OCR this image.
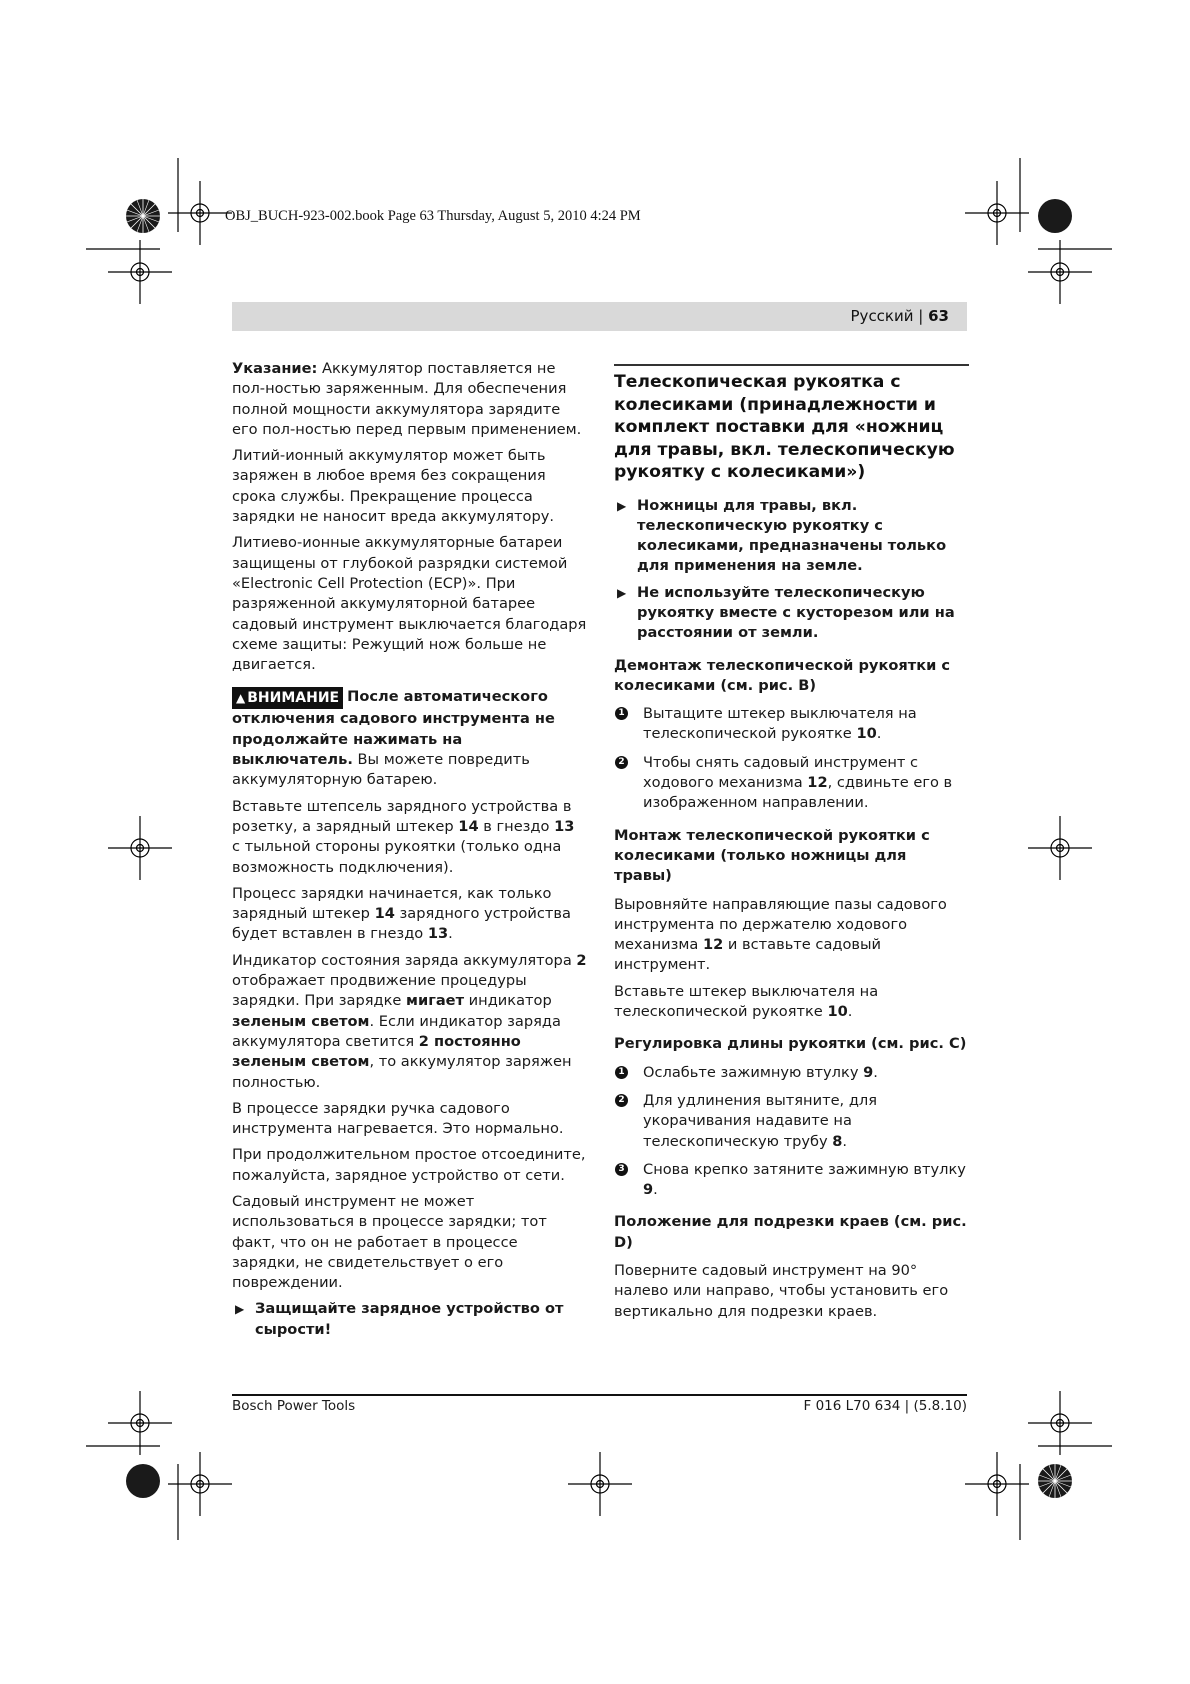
OBJ_BUCH-923-002.book Page 63 Thursday, August 5, 2010 4:24 PM
Русский | 63

Указание: Аккумулятор поставляется не пол-ностью заряженным. Для обеспечения полной мощности аккумулятора зарядите его пол-ностью перед первым применением.

Литий-ионный аккумулятор может быть заряжен в любое время без сокращения срока службы. Прекращение процесса зарядки не наносит вреда аккумулятору.

Литиево-ионные аккумуляторные батареи защищены от глубокой разрядки системой «Electronic Cell Protection (ECP)». При разряженной аккумуляторной батарее садовый инструмент выключается благодаря схеме защиты: Режущий нож больше не двигается.

▲ ВНИМАНИЕ После автоматического отключения садового инструмента не продолжайте нажимать на выключатель. Вы можете повредить аккумуляторную батарею.

Вставьте штепсель зарядного устройства в розетку, а зарядный штекер 14 в гнездо 13 с тыльной стороны рукоятки (только одна возможность подключения).

Процесс зарядки начинается, как только зарядный штекер 14 зарядного устройства будет вставлен в гнездо 13.

Индикатор состояния заряда аккумулятора 2 отображает продвижение процедуры зарядки. При зарядке мигает индикатор зеленым светом. Если индикатор заряда аккумулятора светится 2 постоянно зеленым светом, то аккумулятор заряжен полностью.

В процессе зарядки ручка садового инструмента нагревается. Это нормально.

При продолжительном простое отсоедините, пожалуйста, зарядное устройство от сети.

Садовый инструмент не может использоваться в процессе зарядки; тот факт, что он не работает в процессе зарядки, не свидетельствует о его повреждении.

▶ Защищайте зарядное устройство от сырости!
Телескопическая рукоятка с колесиками (принадлежности и комплект поставки для «ножниц для травы, вкл. телескопическую рукоятку с колесиками»)
▶ Ножницы для травы, вкл. телескопическую рукоятку с колесиками, предназначены только для применения на земле.
▶ Не используйте телескопическую рукоятку вместе с кусторезом или на расстоянии от земли.
Демонтаж телескопической рукоятки с колесиками (см. рис. B)
1 Вытащите штекер выключателя на телескопической рукоятке 10.
2 Чтобы снять садовый инструмент с ходового механизма 12, сдвиньте его в изображенном направлении.
Монтаж телескопической рукоятки с колесиками (только ножницы для травы)

Выровняйте направляющие пазы садового инструмента по держателю ходового механизма 12 и вставьте садовый инструмент.

Вставьте штекер выключателя на телескопической рукоятке 10.

Регулировка длины рукоятки (см. рис. C)
1 Ослабьте зажимную втулку 9.
2 Для удлинения вытяните, для укорачивания надавите на телескопическую трубу 8.
3 Снова крепко затяните зажимную втулку 9.
Положение для подрезки краев (см. рис. D)

Поверните садовый инструмент на 90° налево или направо, чтобы установить его вертикально для подрезки краев.

Bosch Power Tools	F 016 L70 634 | (5.8.10)
